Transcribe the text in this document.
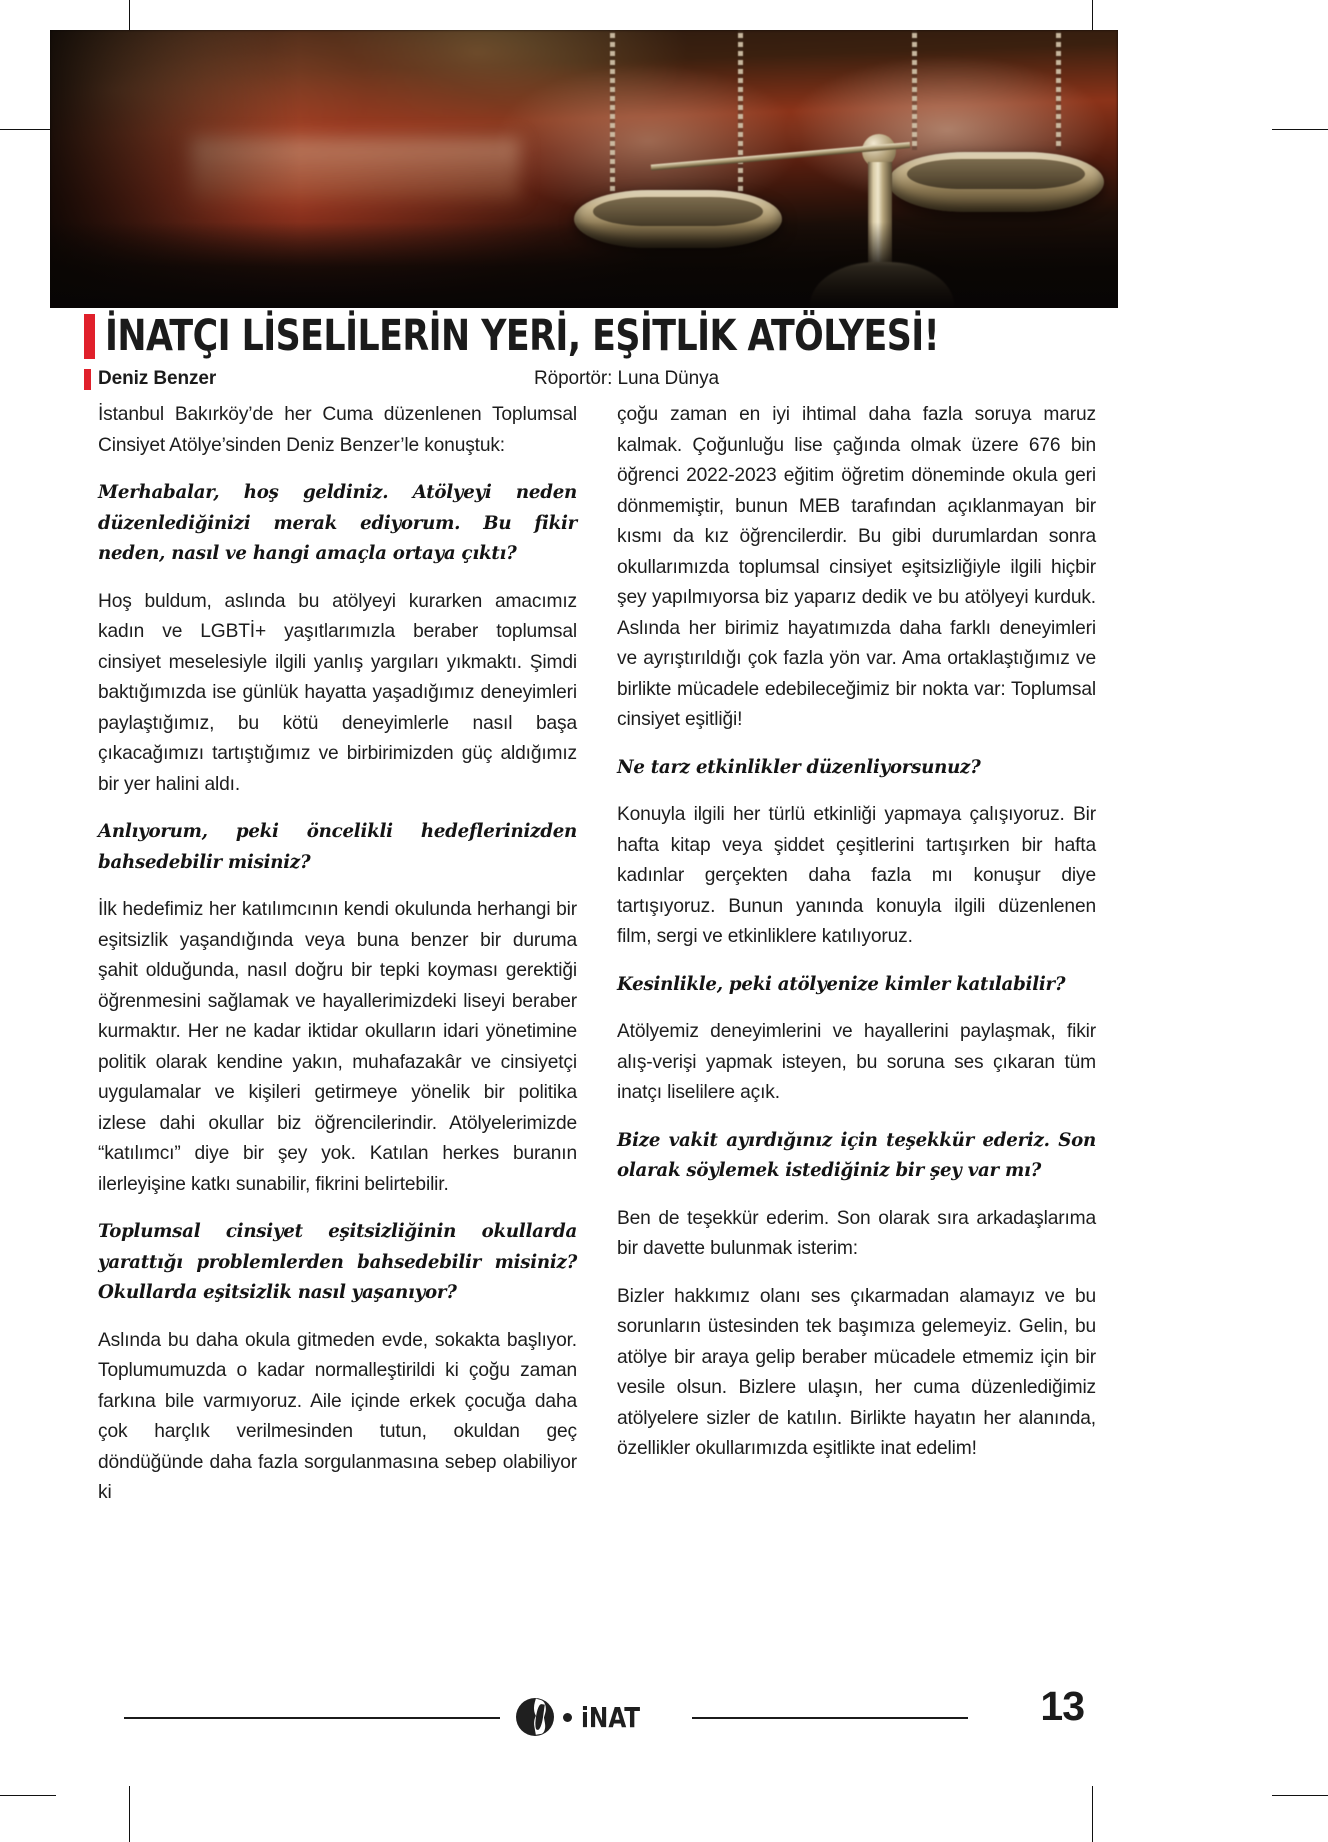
İNATÇI LİSELİLERİN YERİ, EŞİTLİK ATÖLYESİ!
Deniz Benzer	Röportör: Luna Dünya

İstanbul Bakırköy’de her Cuma düzenlenen Toplumsal Cinsiyet Atölye’sinden Deniz Benzer’le konuştuk:

Merhabalar, hoş geldiniz. Atölyeyi neden düzenlediğinizi merak ediyorum. Bu fikir neden, nasıl ve hangi amaçla ortaya çıktı?

Hoş buldum, aslında bu atölyeyi kurarken amacımız kadın ve LGBTİ+ yaşıtlarımızla beraber toplumsal cinsiyet meselesiyle ilgili yanlış yargıları yıkmaktı. Şimdi baktığımızda ise günlük hayatta yaşadığımız deneyimleri paylaştığımız, bu kötü deneyimlerle nasıl başa çıkacağımızı tartıştığımız ve birbirimizden güç aldığımız bir yer halini aldı.

Anlıyorum, peki öncelikli hedeflerinizden bahsedebilir misiniz?

İlk hedefimiz her katılımcının kendi okulunda herhangi bir eşitsizlik yaşandığında veya buna benzer bir duruma şahit olduğunda, nasıl doğru bir tepki koyması gerektiği öğrenmesini sağlamak ve hayallerimizdeki liseyi beraber kurmaktır. Her ne kadar iktidar okulların idari yönetimine politik olarak kendine yakın, muhafazakâr ve cinsiyetçi uygulamalar ve kişileri getirmeye yönelik bir politika izlese dahi okullar biz öğrencilerindir. Atölyelerimizde “katılımcı” diye bir şey yok. Katılan herkes buranın ilerleyişine katkı sunabilir, fikrini belirtebilir.

Toplumsal cinsiyet eşitsizliğinin okullarda yarattığı problemlerden bahsedebilir misiniz? Okullarda eşitsizlik nasıl yaşanıyor?

Aslında bu daha okula gitmeden evde, sokakta başlıyor. Toplumumuzda o kadar normalleştirildi ki çoğu zaman farkına bile varmıyoruz. Aile içinde erkek çocuğa daha çok harçlık verilmesinden tutun, okuldan geç döndüğünde daha fazla sorgulanmasına sebep olabiliyor ki

çoğu zaman en iyi ihtimal daha fazla soruya maruz kalmak. Çoğunluğu lise çağında olmak üzere 676 bin öğrenci 2022-2023 eğitim öğretim döneminde okula geri dönmemiştir, bunun MEB tarafından açıklanmayan bir kısmı da kız öğrencilerdir. Bu gibi durumlardan sonra okullarımızda toplumsal cinsiyet eşitsizliğiyle ilgili hiçbir şey yapılmıyorsa biz yaparız dedik ve bu atölyeyi kurduk. Aslında her birimiz hayatımızda daha farklı deneyimleri ve ayrıştırıldığı çok fazla yön var. Ama ortaklaştığımız ve birlikte mücadele edebileceğimiz bir nokta var: Toplumsal cinsiyet eşitliği!

Ne tarz etkinlikler düzenliyorsunuz?

Konuyla ilgili her türlü etkinliği yapmaya çalışıyoruz. Bir hafta kitap veya şiddet çeşitlerini tartışırken bir hafta kadınlar gerçekten daha fazla mı konuşur diye tartışıyoruz. Bunun yanında konuyla ilgili düzenlenen film, sergi ve etkinliklere katılıyoruz.

Kesinlikle, peki atölyenize kimler katılabilir?

Atölyemiz deneyimlerini ve hayallerini paylaşmak, fikir alış-verişi yapmak isteyen, bu soruna ses çıkaran tüm inatçı liselilere açık.

Bize vakit ayırdığınız için teşekkür ederiz. Son olarak söylemek istediğiniz bir şey var mı?

Ben de teşekkür ederim. Son olarak sıra arkadaşlarıma bir davette bulunmak isterim:

Bizler hakkımız olanı ses çıkarmadan alamayız ve bu sorunların üstesinden tek başımıza gelemeyiz. Gelin, bu atölye bir araya gelip beraber mücadele etmemiz için bir vesile olsun. Bizlere ulaşın, her cuma düzenlediğimiz atölyelere sizler de katılın. Birlikte hayatın her alanında, özellikler okullarımızda eşitlikte inat edelim!

iNAT	13
